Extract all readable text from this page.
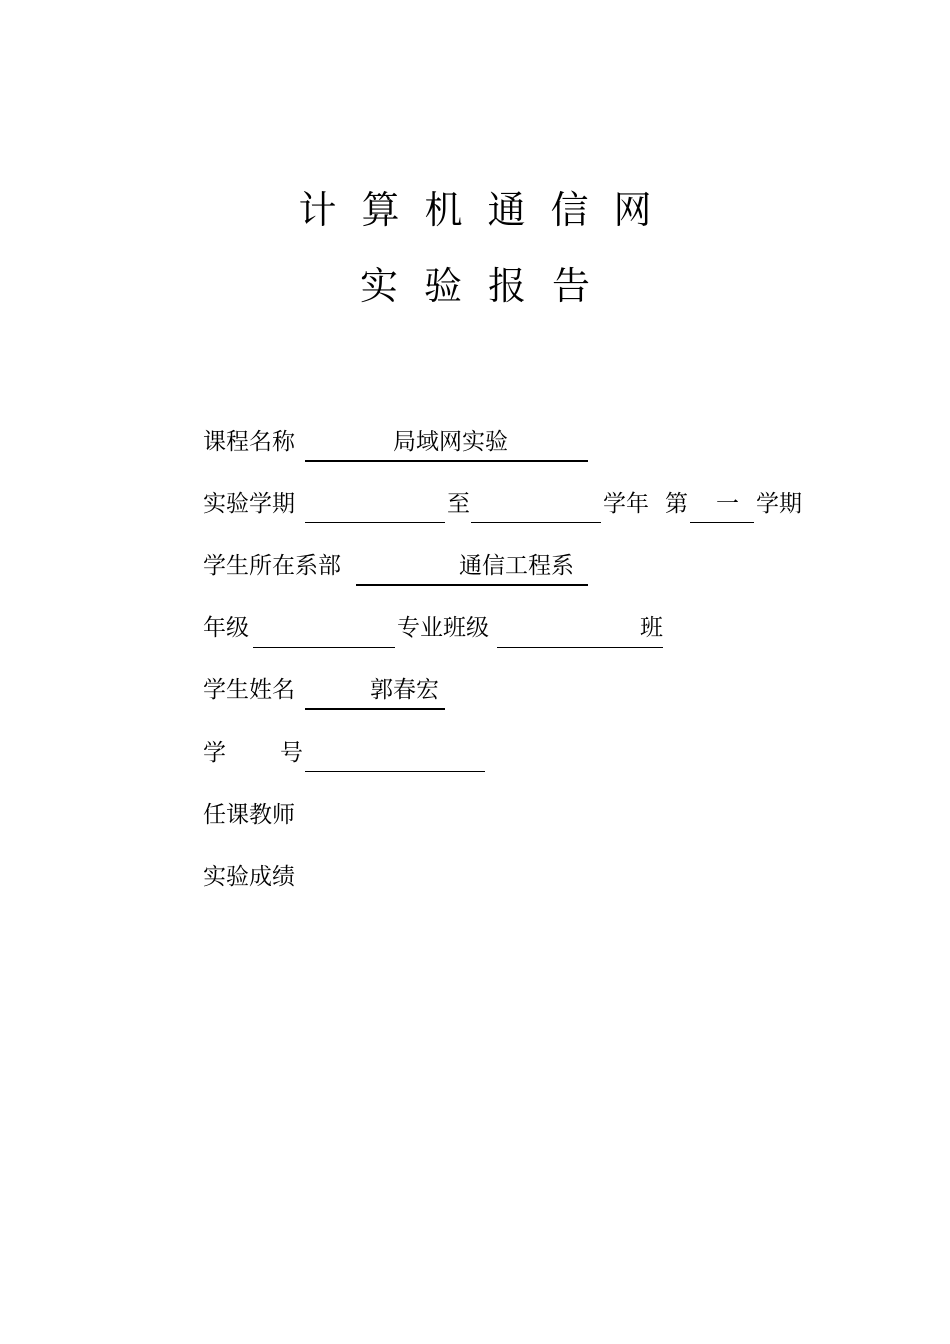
计算机通信网
实验报告
课程名称	局域网实验
实验学期	至	学年 第 一 学期
学生所在系部	通信工程系
年级	专业班级	班
学生姓名	郭春宏
学 号
任课教师
实验成绩
